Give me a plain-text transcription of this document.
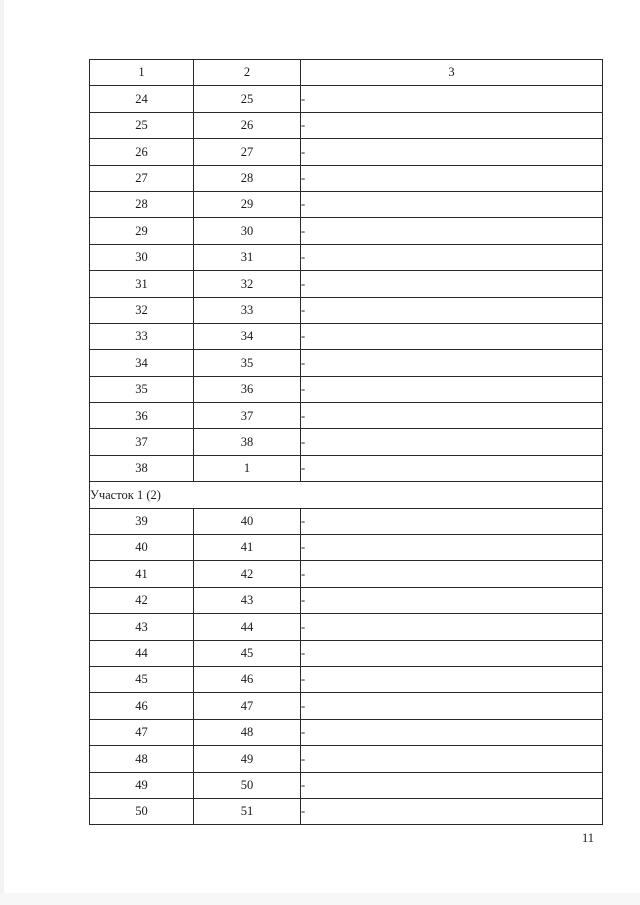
1	2	3
24	25	-
25	26	-
26	27	-
27	28	-
28	29	-
29	30	-
30	31	-
31	32	-
32	33	-
33	34	-
34	35	-
35	36	-
36	37	-
37	38	-
38	1	-
Участок 1 (2)		
39	40	-
40	41	-
41	42	-
42	43	-
43	44	-
44	45	-
45	46	-
46	47	-
47	48	-
48	49	-
49	50	-
50	51	-
11
